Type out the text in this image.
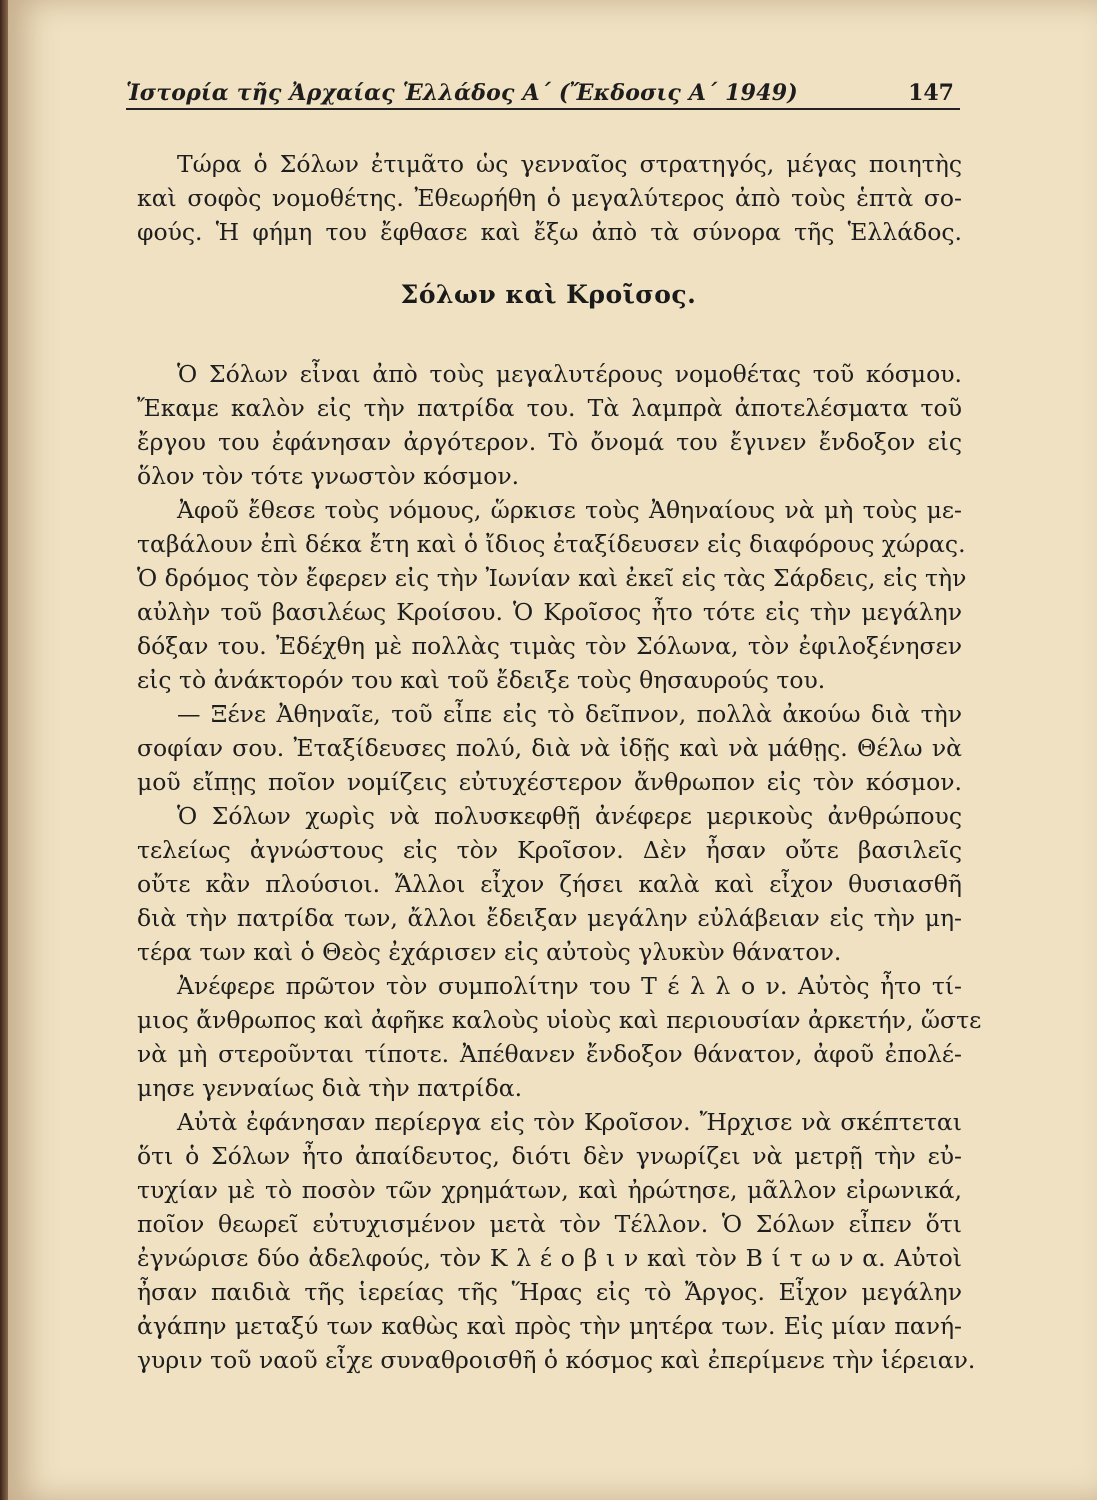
Ἱστορία τῆς Ἀρχαίας Ἑλλάδος Α΄ (Ἔκδοσις Α΄ 1949)	147
Τώρα ὁ Σόλων ἐτιμᾶτο ὡς γενναῖος στρατηγός, μέγας ποιητὴς
καὶ σοφὸς νομοθέτης. Ἐθεωρήθη ὁ μεγαλύτερος ἀπὸ τοὺς ἑπτὰ σο-
φούς. Ἡ φήμη του ἔφθασε καὶ ἔξω ἀπὸ τὰ σύνορα τῆς Ἑλλάδος.
Σόλων καὶ Κροῖσος.
Ὁ Σόλων εἶναι ἀπὸ τοὺς μεγαλυτέρους νομοθέτας τοῦ κόσμου.
Ἔκαμε καλὸν εἰς τὴν πατρίδα του. Τὰ λαμπρὰ ἀποτελέσματα τοῦ
ἔργου του ἐφάνησαν ἀργότερον. Τὸ ὄνομά του ἔγινεν ἔνδοξον εἰς
ὅλον τὸν τότε γνωστὸν κόσμον.
Ἀφοῦ ἔθεσε τοὺς νόμους, ὥρκισε τοὺς Ἀθηναίους νὰ μὴ τοὺς με-
ταβάλουν ἐπὶ δέκα ἔτη καὶ ὁ ἴδιος ἐταξίδευσεν εἰς διαφόρους χώρας.
Ὁ δρόμος τὸν ἔφερεν εἰς τὴν Ἰωνίαν καὶ ἐκεῖ εἰς τὰς Σάρδεις, εἰς τὴν
αὐλὴν τοῦ βασιλέως Κροίσου. Ὁ Κροῖσος ἦτο τότε εἰς τὴν μεγάλην
δόξαν του. Ἐδέχθη μὲ πολλὰς τιμὰς τὸν Σόλωνα, τὸν ἐφιλοξένησεν
εἰς τὸ ἀνάκτορόν του καὶ τοῦ ἔδειξε τοὺς θησαυρούς του.
— Ξένε Ἀθηναῖε, τοῦ εἶπε εἰς τὸ δεῖπνον, πολλὰ ἀκούω διὰ τὴν
σοφίαν σου. Ἐταξίδευσες πολύ, διὰ νὰ ἰδῇς καὶ νὰ μάθῃς. Θέλω νὰ
μοῦ εἴπῃς ποῖον νομίζεις εὐτυχέστερον ἄνθρωπον εἰς τὸν κόσμον.
Ὁ Σόλων χωρὶς νὰ πολυσκεφθῇ ἀνέφερε μερικοὺς ἀνθρώπους
τελείως ἀγνώστους εἰς τὸν Κροῖσον. Δὲν ἦσαν οὔτε βασιλεῖς
οὔτε κἂν πλούσιοι. Ἄλλοι εἶχον ζήσει καλὰ καὶ εἶχον θυσιασθῆ
διὰ τὴν πατρίδα των, ἄλλοι ἔδειξαν μεγάλην εὐλάβειαν εἰς τὴν μη-
τέρα των καὶ ὁ Θεὸς ἐχάρισεν εἰς αὐτοὺς γλυκὺν θάνατον.
Ἀνέφερε πρῶτον τὸν συμπολίτην του Τ έ λ λ ο ν. Αὐτὸς ἦτο τί-
μιος ἄνθρωπος καὶ ἀφῆκε καλοὺς υἱοὺς καὶ περιουσίαν ἀρκετήν, ὥστε
νὰ μὴ στεροῦνται τίποτε. Ἀπέθανεν ἔνδοξον θάνατον, ἀφοῦ ἐπολέ-
μησε γενναίως διὰ τὴν πατρίδα.
Αὐτὰ ἐφάνησαν περίεργα εἰς τὸν Κροῖσον. Ἤρχισε νὰ σκέπτεται
ὅτι ὁ Σόλων ἦτο ἀπαίδευτος, διότι δὲν γνωρίζει νὰ μετρῇ τὴν εὐ-
τυχίαν μὲ τὸ ποσὸν τῶν χρημάτων, καὶ ἠρώτησε, μᾶλλον εἰρωνικά,
ποῖον θεωρεῖ εὐτυχισμένον μετὰ τὸν Τέλλον. Ὁ Σόλων εἶπεν ὅτι
ἐγνώρισε δύο ἀδελφούς, τὸν Κ λ έ ο β ι ν καὶ τὸν Β ί τ ω ν α. Αὐτοὶ
ἦσαν παιδιὰ τῆς ἱερείας τῆς Ἥρας εἰς τὸ Ἄργος. Εἶχον μεγάλην
ἀγάπην μεταξύ των καθὼς καὶ πρὸς τὴν μητέρα των. Εἰς μίαν πανή-
γυριν τοῦ ναοῦ εἶχε συναθροισθῆ ὁ κόσμος καὶ ἐπερίμενε τὴν ἱέρειαν.
